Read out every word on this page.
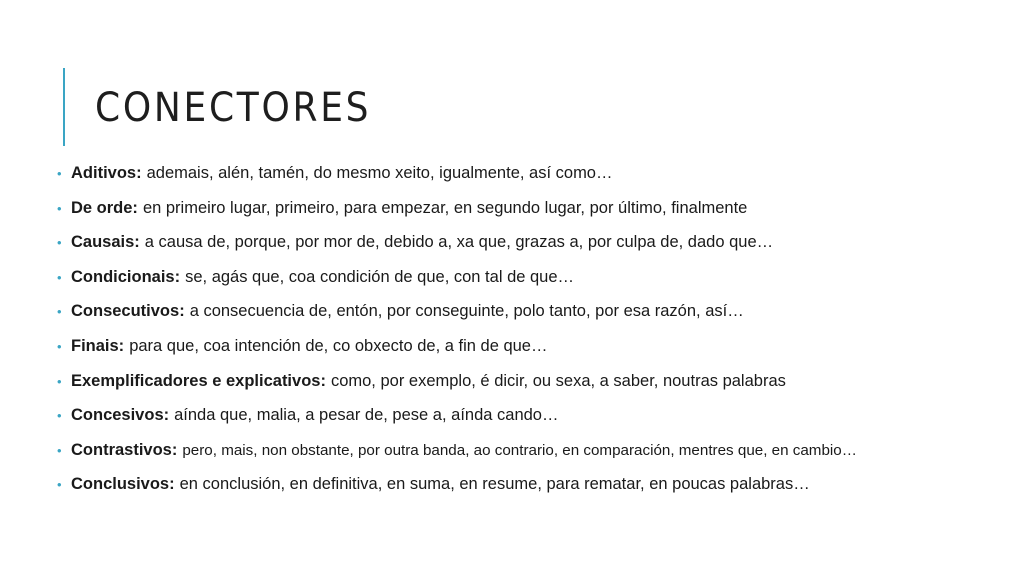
CONECTORES
• Aditivos: ademais, alén, tamén, do mesmo xeito, igualmente, así como…
• De orde: en primeiro lugar, primeiro, para empezar, en segundo lugar, por último, finalmente
• Causais: a causa de, porque, por mor de, debido a, xa que, grazas a, por culpa de, dado que…
• Condicionais: se, agás que, coa condición de que, con tal de que…
• Consecutivos: a consecuencia de, entón, por conseguinte, polo tanto, por esa razón, así…
• Finais: para que, coa intención de, co obxecto de, a fin de que…
• Exemplificadores e explicativos: como, por exemplo, é dicir, ou sexa, a saber, noutras palabras
• Concesivos: aínda que, malia, a pesar de, pese a, aínda cando…
• Contrastivos: pero, mais, non obstante, por outra banda, ao contrario, en comparación, mentres que, en cambio…
• Conclusivos: en conclusión, en definitiva, en suma, en resume, para rematar, en poucas palabras…
